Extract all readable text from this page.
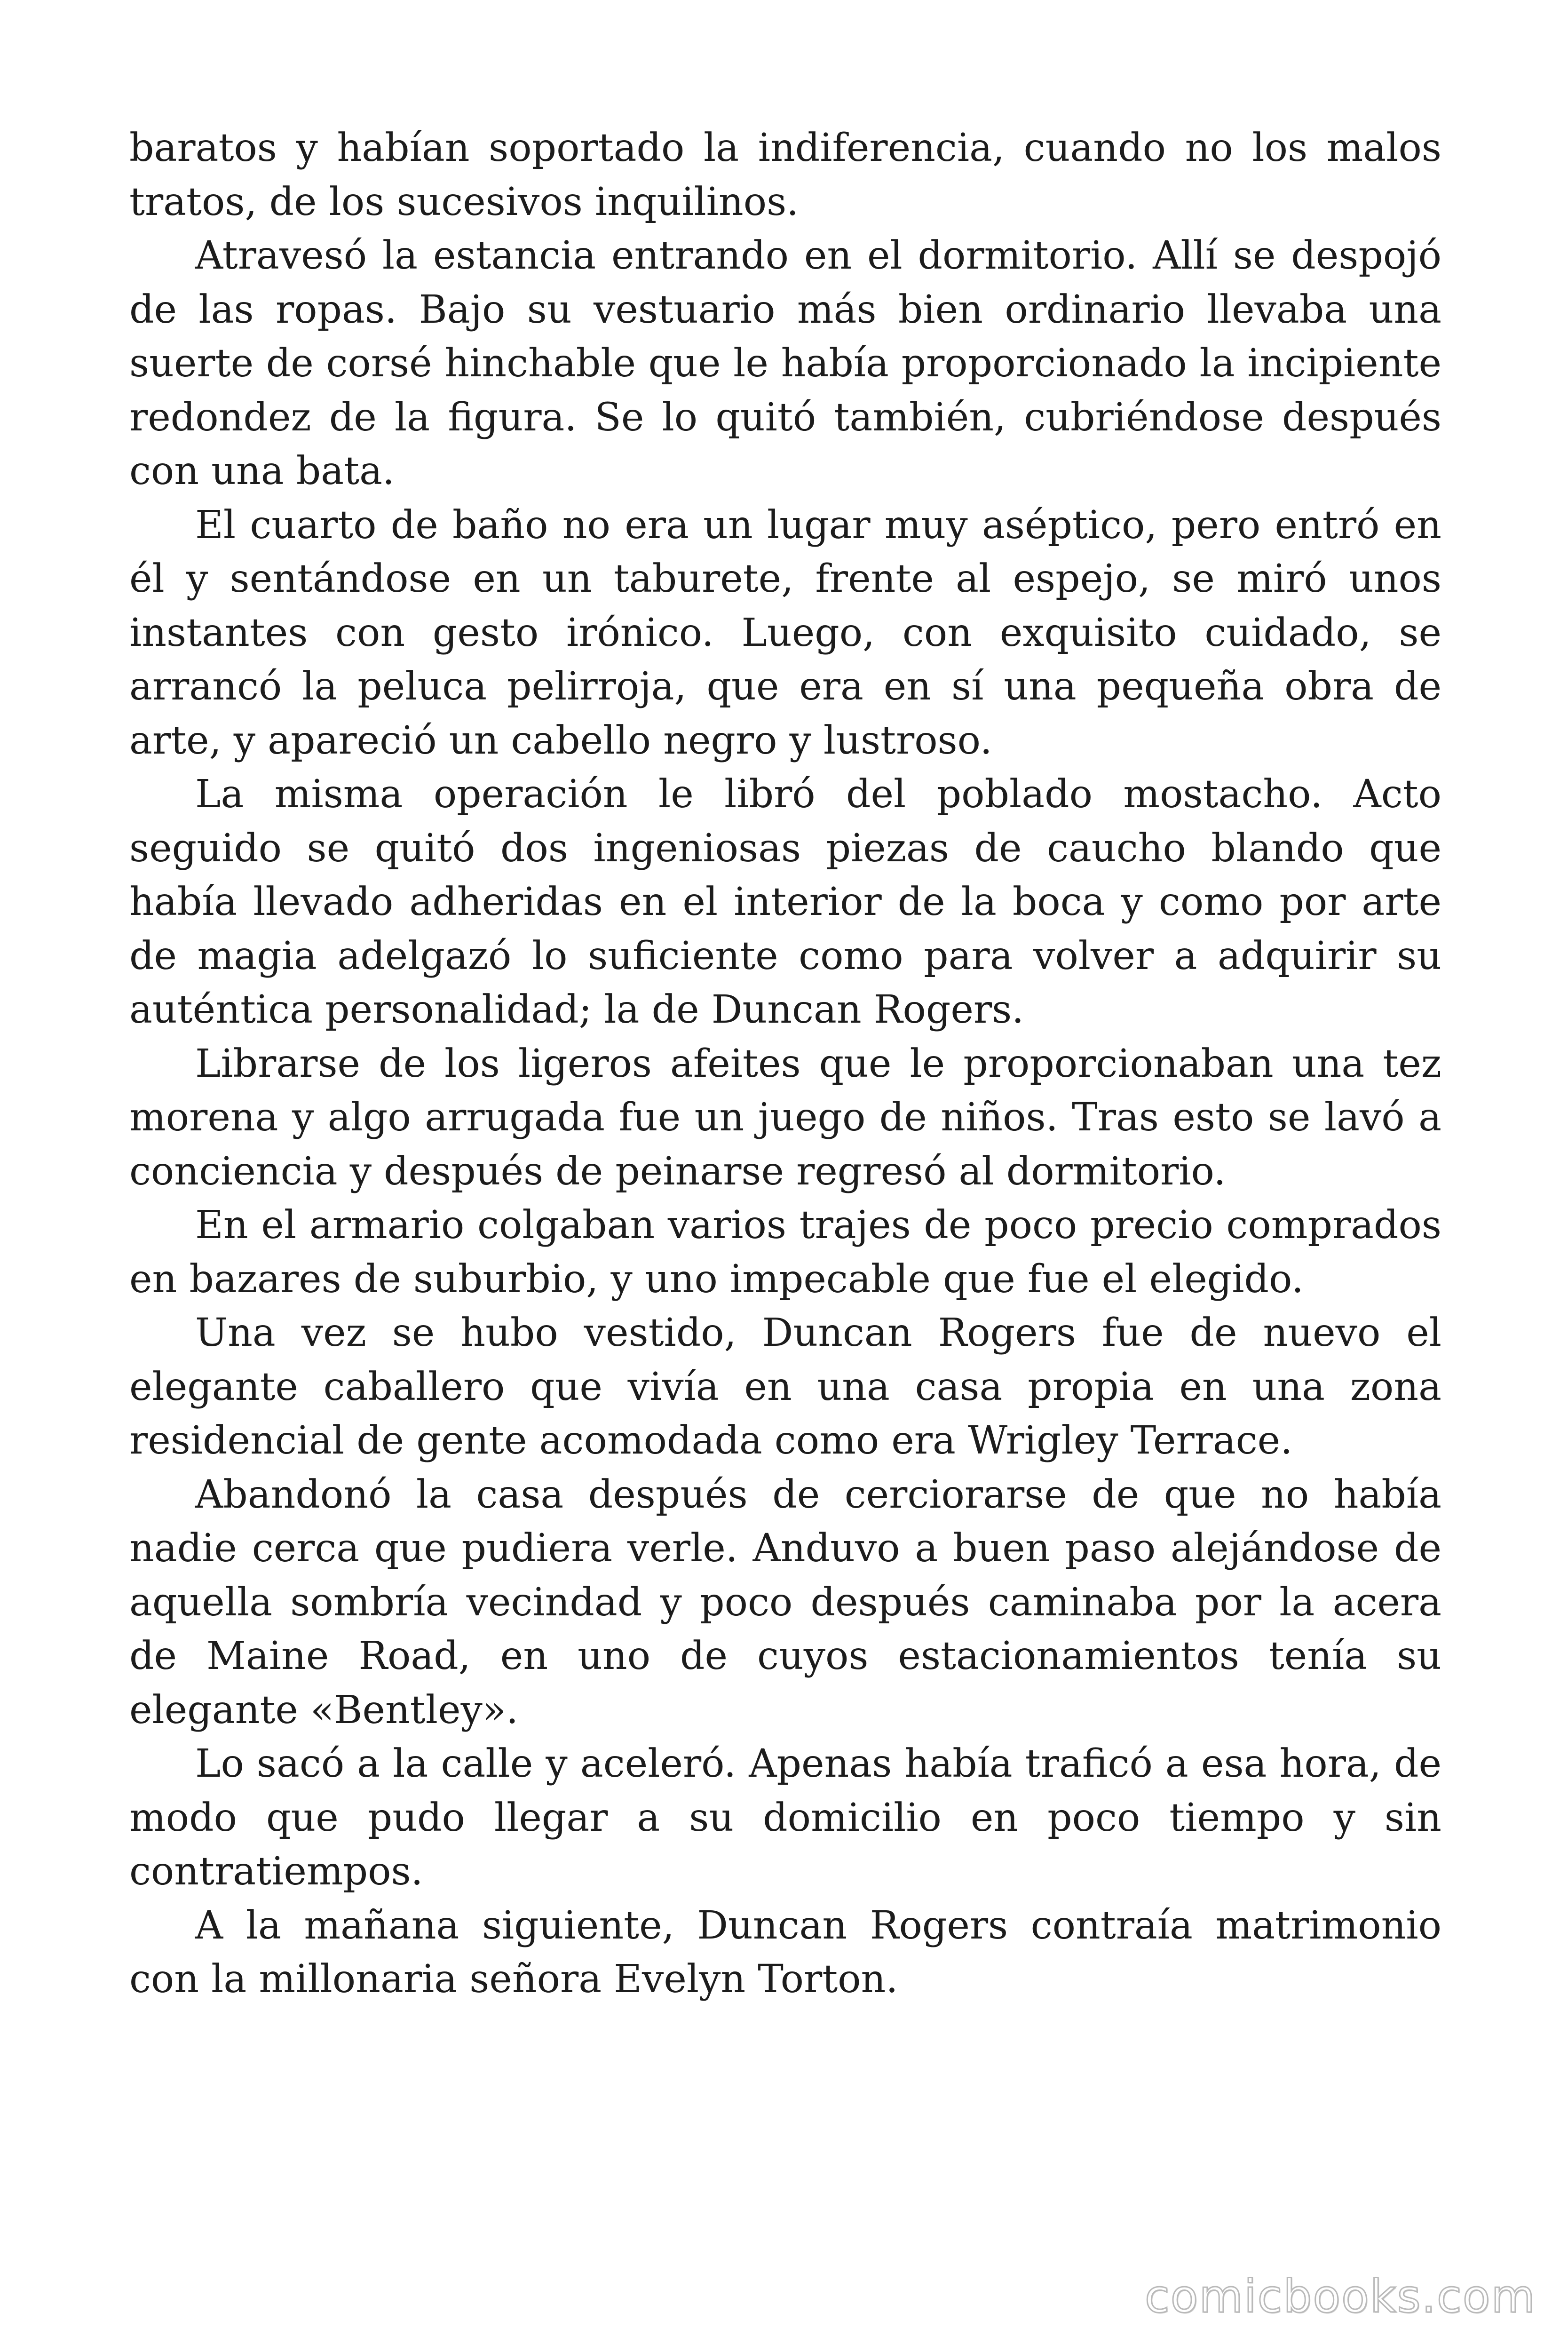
baratos y habían soportado la indiferencia, cuando no los malos tratos, de los sucesivos inquilinos.

Atravesó la estancia entrando en el dormitorio. Allí se despojó de las ropas. Bajo su vestuario más bien ordinario llevaba una suerte de corsé hinchable que le había proporcionado la incipiente redondez de la figura. Se lo quitó también, cubriéndose después con una bata.

El cuarto de baño no era un lugar muy aséptico, pero entró en él y sentándose en un taburete, frente al espejo, se miró unos instantes con gesto irónico. Luego, con exquisito cuidado, se arrancó la peluca pelirroja, que era en sí una pequeña obra de arte, y apareció un cabello negro y lustroso.

La misma operación le libró del poblado mostacho. Acto seguido se quitó dos ingeniosas piezas de caucho blando que había llevado adheridas en el interior de la boca y como por arte de magia adelgazó lo suficiente como para volver a adquirir su auténtica personalidad; la de Duncan Rogers.

Librarse de los ligeros afeites que le proporcionaban una tez morena y algo arrugada fue un juego de niños. Tras esto se lavó a conciencia y después de peinarse regresó al dormitorio.

En el armario colgaban varios trajes de poco precio comprados en bazares de suburbio, y uno impecable que fue el elegido.

Una vez se hubo vestido, Duncan Rogers fue de nuevo el elegante caballero que vivía en una casa propia en una zona residencial de gente acomodada como era Wrigley Terrace.

Abandonó la casa después de cerciorarse de que no había nadie cerca que pudiera verle. Anduvo a buen paso alejándose de aquella sombría vecindad y poco después caminaba por la acera de Maine Road, en uno de cuyos estacionamientos tenía su elegante «Bentley».

Lo sacó a la calle y aceleró. Apenas había traficó a esa hora, de modo que pudo llegar a su domicilio en poco tiempo y sin contratiempos.

A la mañana siguiente, Duncan Rogers contraía matrimonio con la millonaria señora Evelyn Torton.

comicbooks.com
